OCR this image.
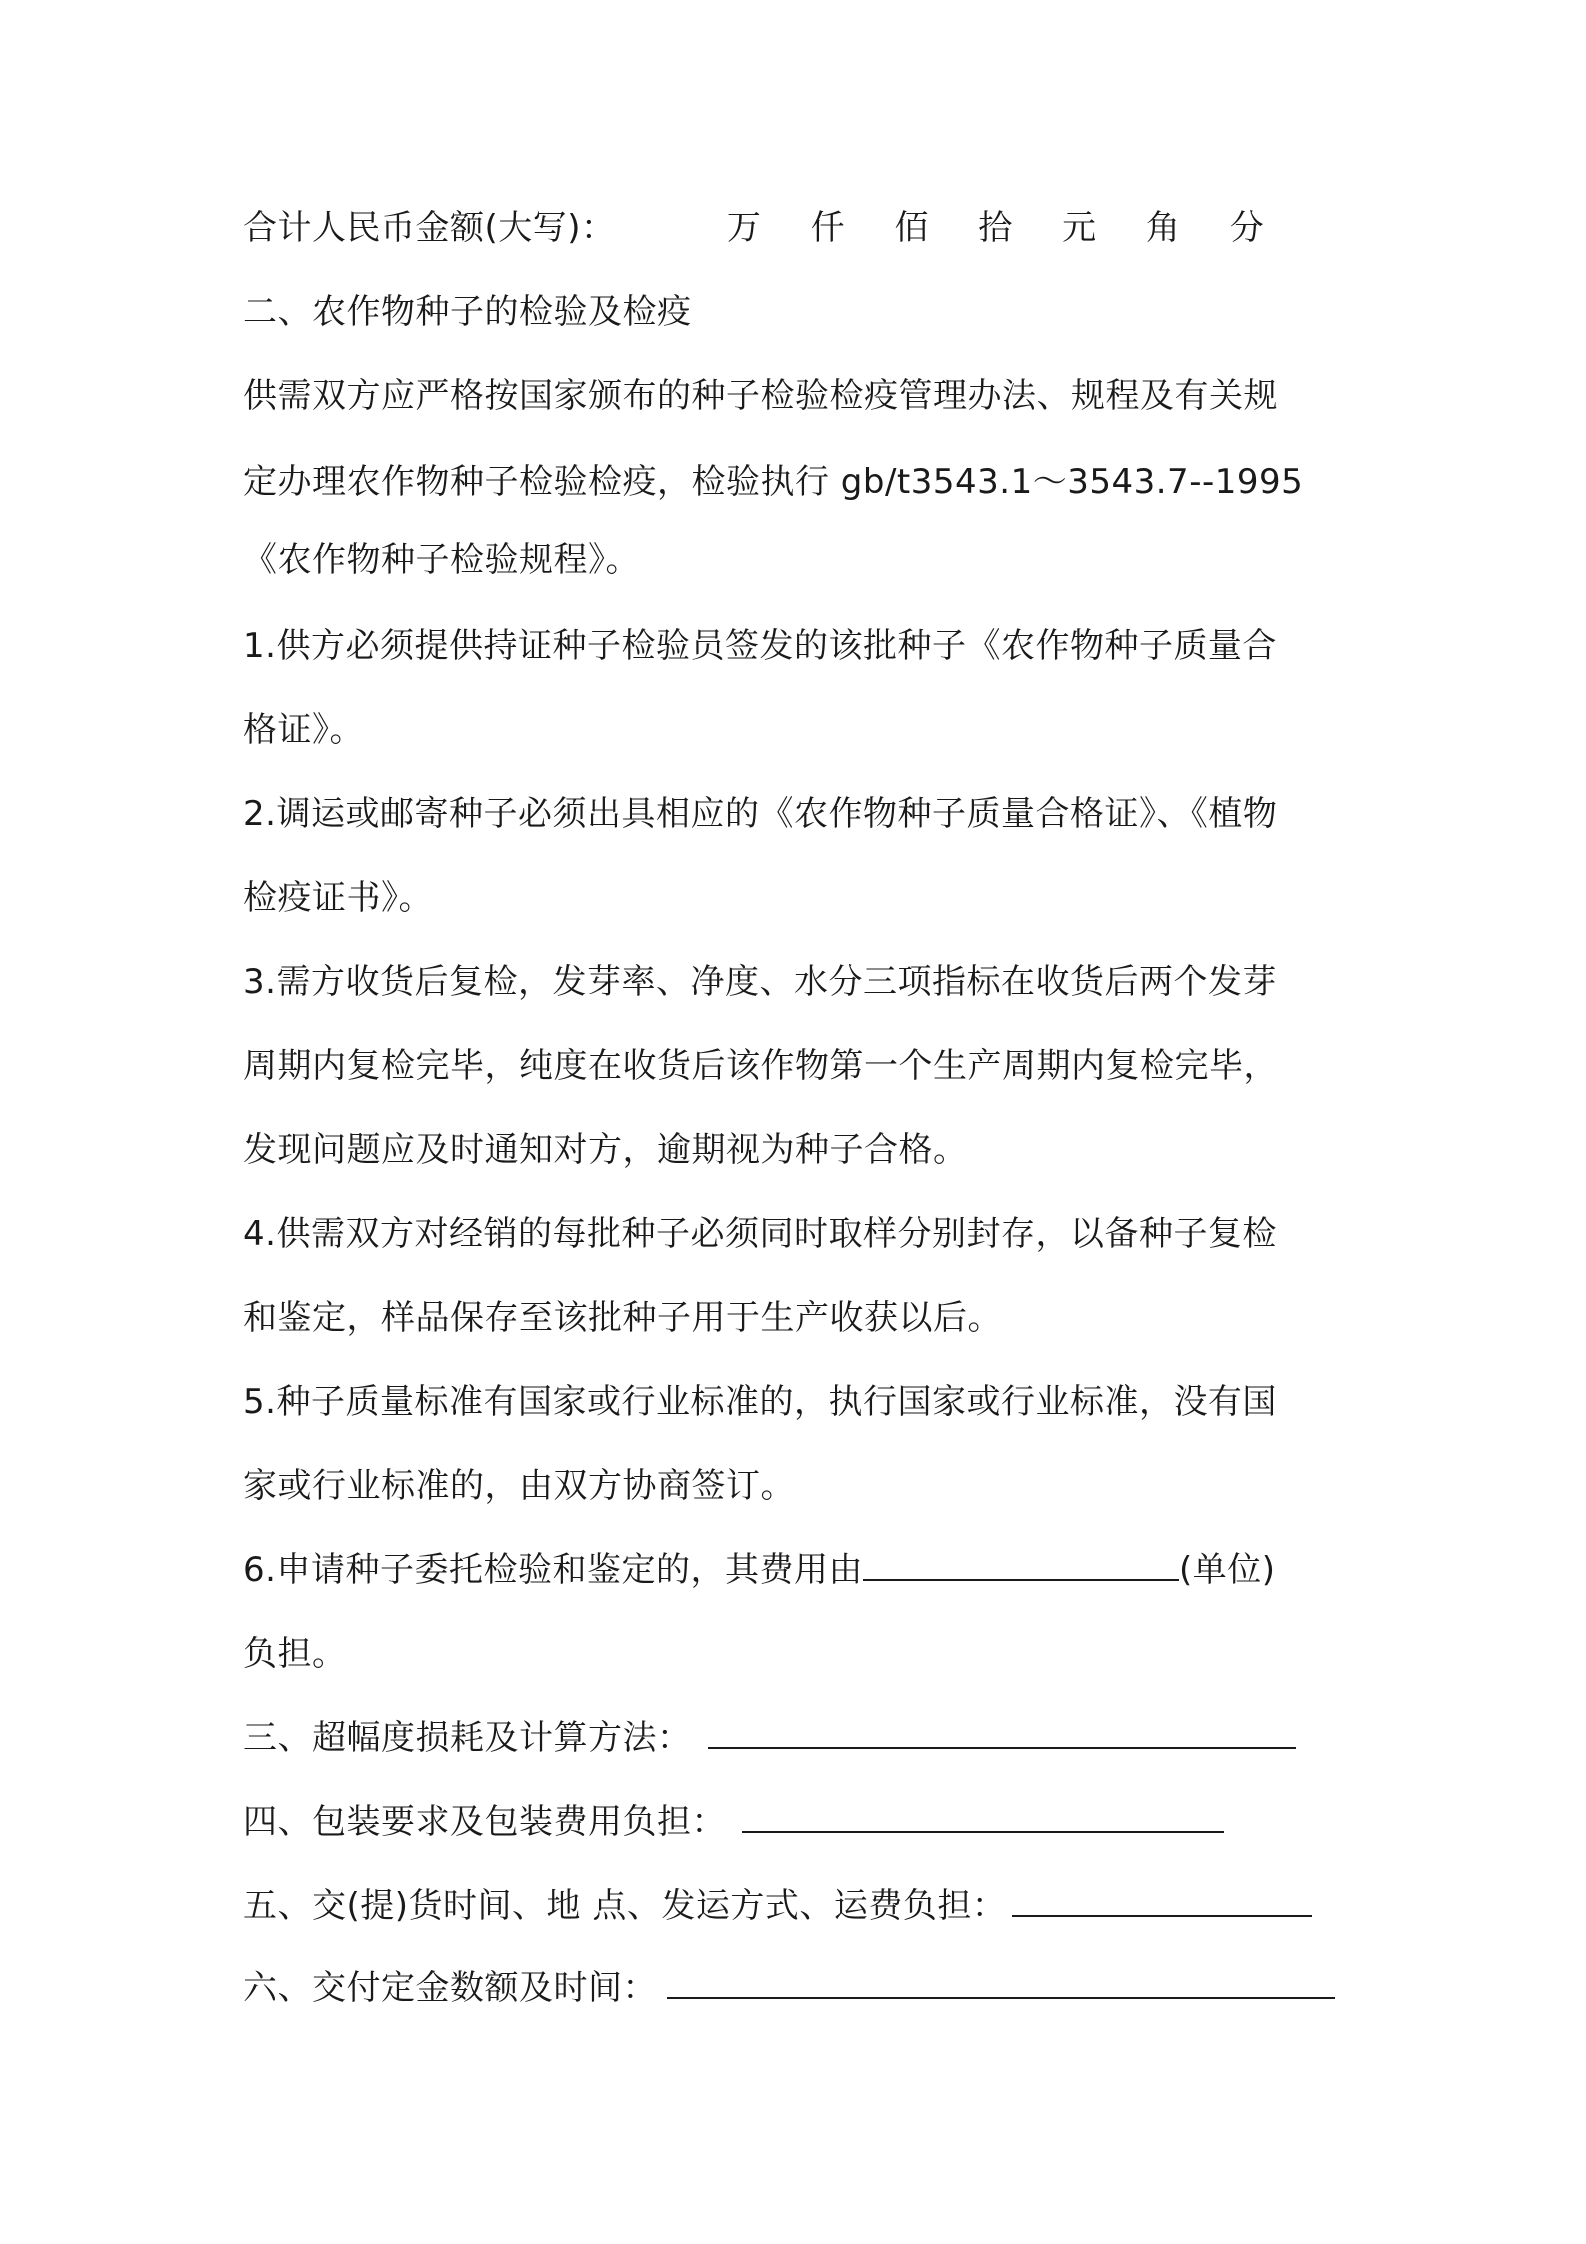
合计人民币金额(大写)：	万 仟 佰 拾 元 角 分
二、农作物种子的检验及检疫
供需双方应严格按国家颁布的种子检验检疫管理办法、规程及有关规
定办理农作物种子检验检疫，检验执行 gb/t3543.1～3543.7--1995
《农作物种子检验规程》。
1.供方必须提供持证种子检验员签发的该批种子《农作物种子质量合
格证》。
2.调运或邮寄种子必须出具相应的《农作物种子质量合格证》、《植物
检疫证书》。
3.需方收货后复检，发芽率、净度、水分三项指标在收货后两个发芽
周期内复检完毕，纯度在收货后该作物第一个生产周期内复检完毕，
发现问题应及时通知对方，逾期视为种子合格。
4.供需双方对经销的每批种子必须同时取样分别封存，以备种子复检
和鉴定，样品保存至该批种子用于生产收获以后。
5.种子质量标准有国家或行业标准的，执行国家或行业标准，没有国
家或行业标准的，由双方协商签订。
6.申请种子委托检验和鉴定的，其费用由	(单位)
负担。
三、超幅度损耗及计算方法：
四、包装要求及包装费用负担：
五、交(提)货时间、地 点、发运方式、运费负担：
六、交付定金数额及时间：
